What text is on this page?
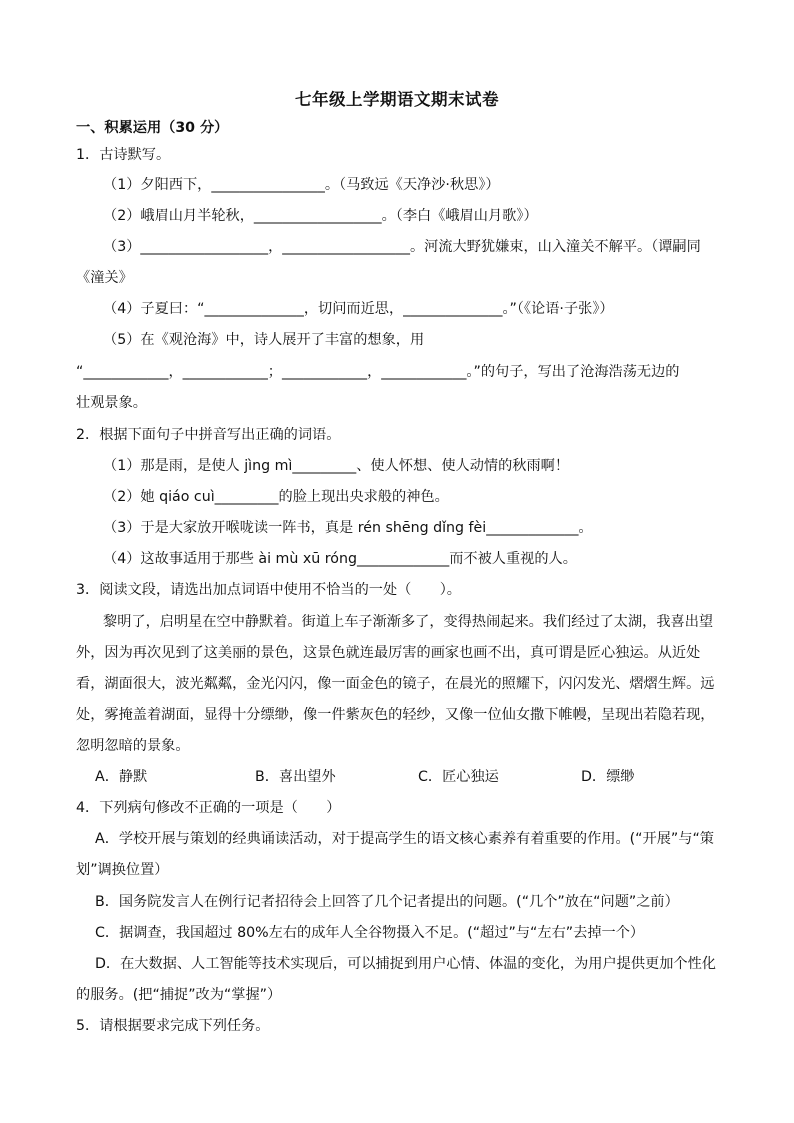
七年级上学期语文期末试卷
一、积累运用（30 分）
1．古诗默写。
（1）夕阳西下，________________。（马致远《天净沙·秋思》）
（2）峨眉山月半轮秋，__________________。（李白《峨眉山月歌》）
（3）__________________，__________________。河流大野犹嫌束，山入潼关不解平。（谭嗣同
《潼关》
（4）子夏曰：“______________，切问而近思，______________。”（《论语·子张》）
（5）在《观沧海》中，诗人展开了丰富的想象，用
“____________，____________；____________，____________。”的句子，写出了沧海浩荡无边的
壮观景象。
2．根据下面句子中拼音写出正确的词语。
（1）那是雨，是使人 jìng mì_________、使人怀想、使人动情的秋雨啊！
（2）她 qiáo cuì_________的脸上现出央求般的神色。
（3）于是大家放开喉咙读一阵书，真是 rén shēng dǐng fèi_____________。
（4）这故事适用于那些 ài mù xū róng_____________而不被人重视的人。
3．阅读文段，请选出加点词语中使用不恰当的一处（　　）。
黎明了，启明星在空中静默着。街道上车子渐渐多了，变得热闹起来。我们经过了太湖，我喜出望
外，因为再次见到了这美丽的景色，这景色就连最厉害的画家也画不出，真可谓是匠心独运。从近处
看，湖面很大，波光粼粼，金光闪闪，像一面金色的镜子，在晨光的照耀下，闪闪发光、熠熠生辉。远
处，雾掩盖着湖面，显得十分缥缈，像一件紫灰色的轻纱，又像一位仙女撒下帷幔，呈现出若隐若现，
忽明忽暗的景象。
A．静默	B．喜出望外	C．匠心独运	D．缥缈
4．下列病句修改不正确的一项是（　　）
A．学校开展与策划的经典诵读活动，对于提高学生的语文核心素养有着重要的作用。(“开展”与“策
划”调换位置）
B．国务院发言人在例行记者招待会上回答了几个记者提出的问题。(“几个”放在“问题”之前）
C．据调查，我国超过 80%左右的成年人全谷物摄入不足。(“超过”与“左右”去掉一个）
D．在大数据、人工智能等技术实现后，可以捕捉到用户心情、体温的变化，为用户提供更加个性化
的服务。(把“捕捉”改为“掌握”）
5．请根据要求完成下列任务。
